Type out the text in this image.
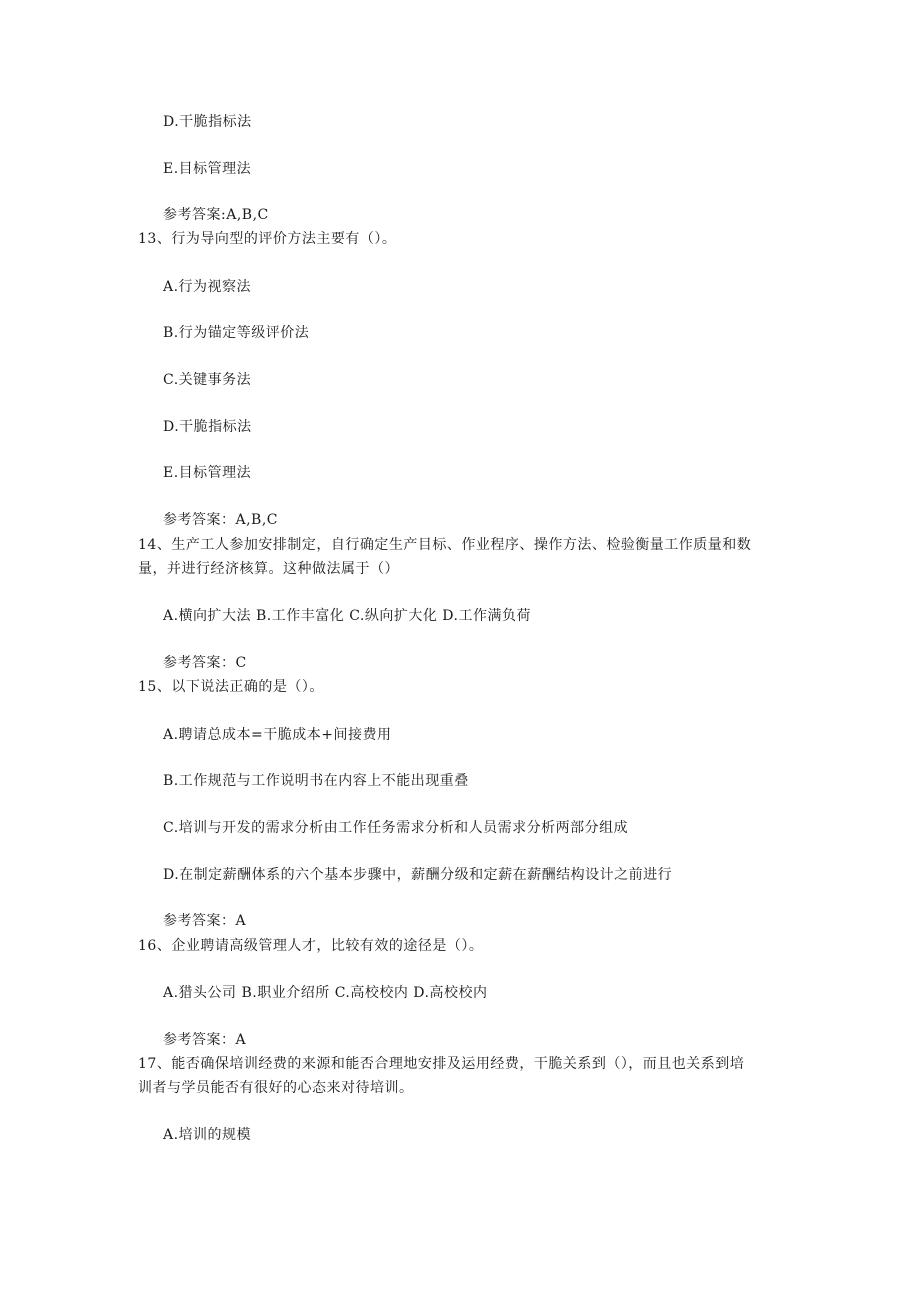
D.干脆指标法
E.目标管理法
参考答案:A,B,C
13、行为导向型的评价方法主要有（）。
A.行为视察法
B.行为锚定等级评价法
C.关键事务法
D.干脆指标法
E.目标管理法
参考答案：A,B,C
14、生产工人参加安排制定，自行确定生产目标、作业程序、操作方法、检验衡量工作质量和数
量，并进行经济核算。这种做法属于（）
A.横向扩大法 B.工作丰富化 C.纵向扩大化 D.工作满负荷
参考答案：C
15、以下说法正确的是（）。
A.聘请总成本=干脆成本+间接费用
B.工作规范与工作说明书在内容上不能出现重叠
C.培训与开发的需求分析由工作任务需求分析和人员需求分析两部分组成
D.在制定薪酬体系的六个基本步骤中，薪酬分级和定薪在薪酬结构设计之前进行
参考答案：A
16、企业聘请高级管理人才，比较有效的途径是（）。
A.猎头公司 B.职业介绍所 C.高校校内 D.高校校内
参考答案：A
17、能否确保培训经费的来源和能否合理地安排及运用经费，干脆关系到（），而且也关系到培
训者与学员能否有很好的心态来对待培训。
A.培训的规模
